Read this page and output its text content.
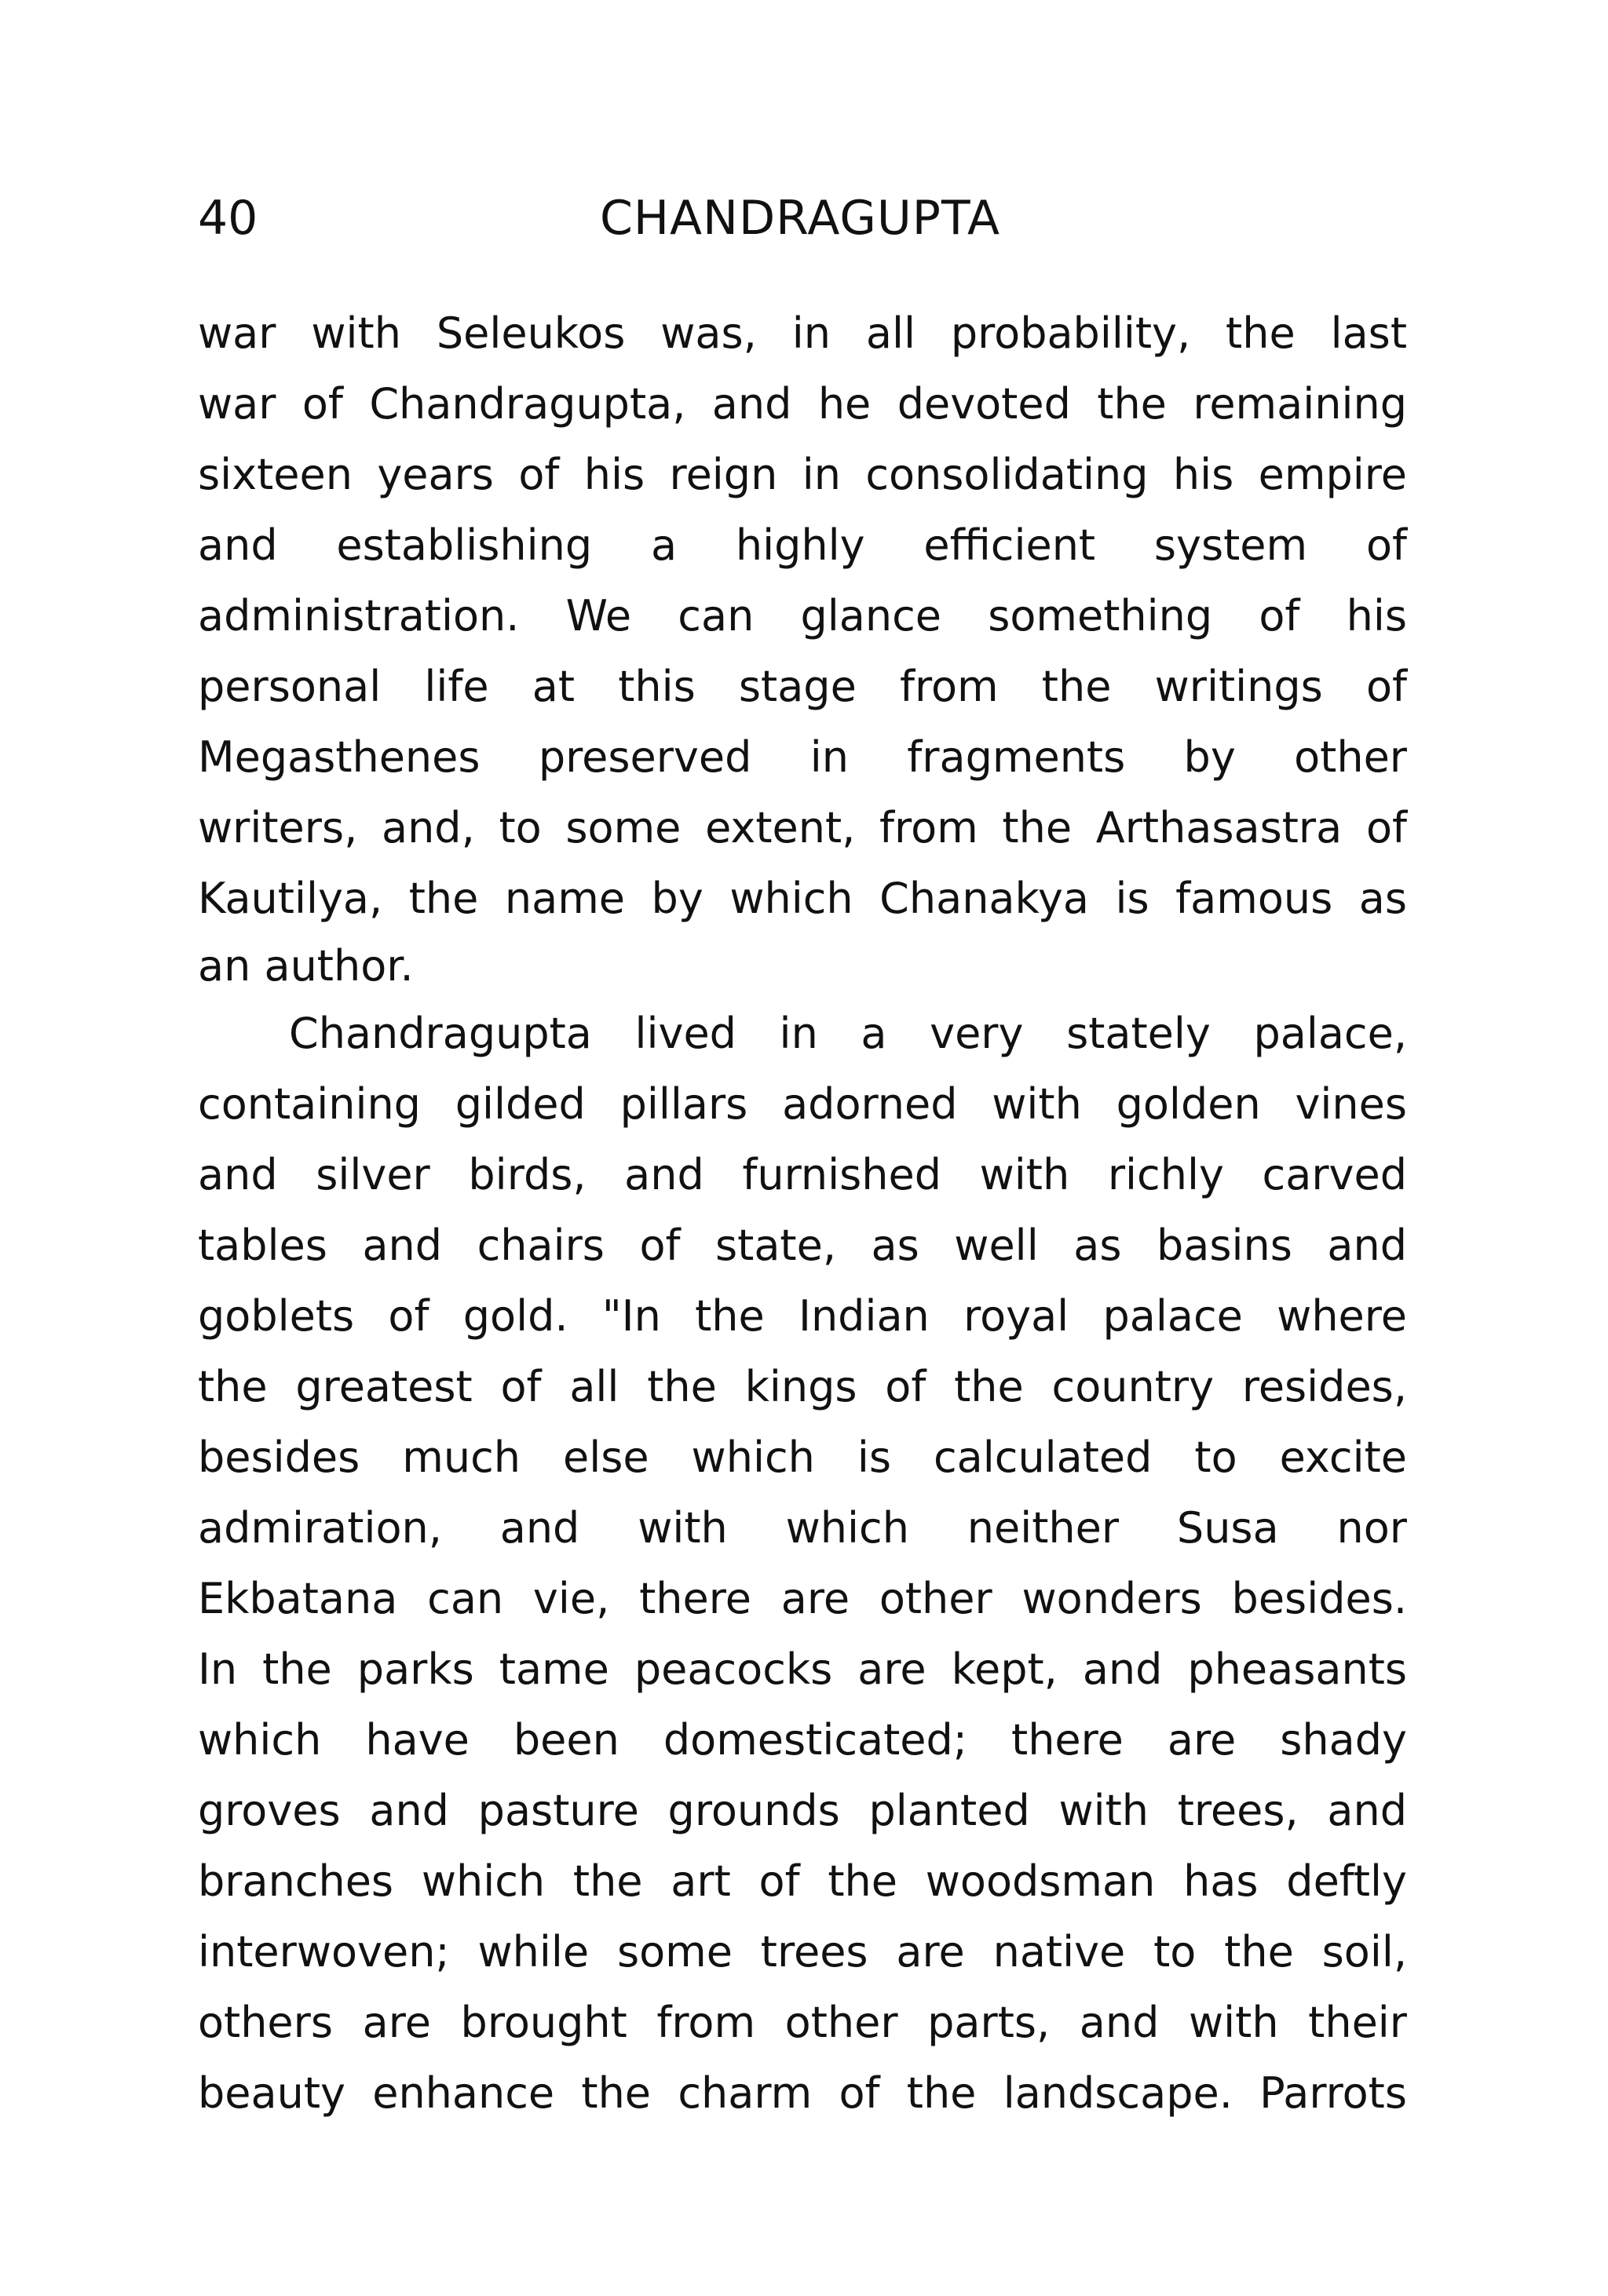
40	CHANDRAGUPTA
war with Seleukos was, in all probability, the last
war of Chandragupta, and he devoted the remaining
sixteen years of his reign in consolidating his empire
and establishing a highly efficient system of
administration. We can glance something of his
personal life at this stage from the writings of
Megasthenes preserved in fragments by other
writers, and, to some extent, from the Arthasastra of
Kautilya, the name by which Chanakya is famous as
an author.
Chandragupta lived in a very stately palace,
containing gilded pillars adorned with golden vines
and silver birds, and furnished with richly carved
tables and chairs of state, as well as basins and
goblets of gold. "In the Indian royal palace where
the greatest of all the kings of the country resides,
besides much else which is calculated to excite
admiration, and with which neither Susa nor
Ekbatana can vie, there are other wonders besides.
In the parks tame peacocks are kept, and pheasants
which have been domesticated; there are shady
groves and pasture grounds planted with trees, and
branches which the art of the woodsman has deftly
interwoven; while some trees are native to the soil,
others are brought from other parts, and with their
beauty enhance the charm of the landscape. Parrots
